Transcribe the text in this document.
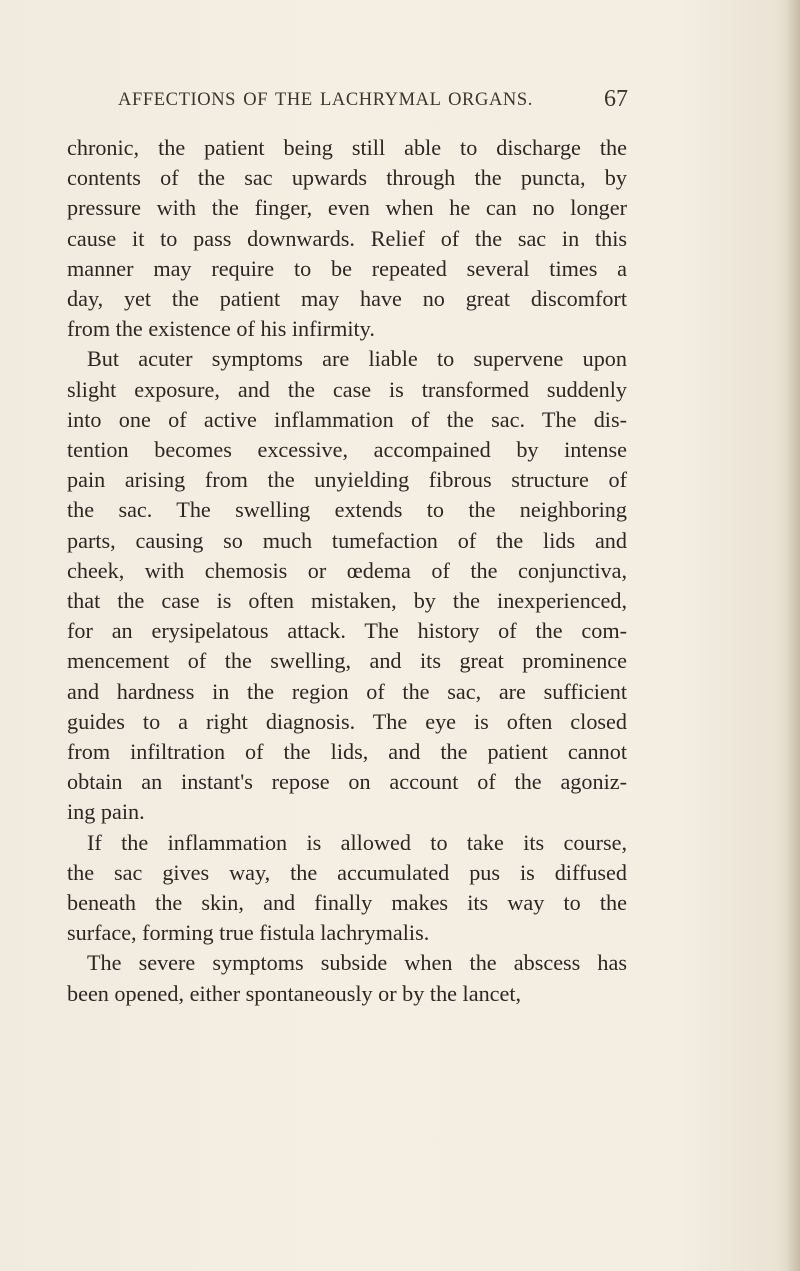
AFFECTIONS OF THE LACHRYMAL ORGANS.	67

chronic, the patient being still able to discharge the
contents of the sac upwards through the puncta, by
pressure with the finger, even when he can no longer
cause it to pass downwards. Relief of the sac in this
manner may require to be repeated several times a
day, yet the patient may have no great discomfort
from the existence of his infirmity.

But acuter symptoms are liable to supervene upon
slight exposure, and the case is transformed suddenly
into one of active inflammation of the sac. The dis-
tention becomes excessive, accompained by intense
pain arising from the unyielding fibrous structure of
the sac. The swelling extends to the neighboring
parts, causing so much tumefaction of the lids and
cheek, with chemosis or œdema of the conjunctiva,
that the case is often mistaken, by the inexperienced,
for an erysipelatous attack. The history of the com-
mencement of the swelling, and its great prominence
and hardness in the region of the sac, are sufficient
guides to a right diagnosis. The eye is often closed
from infiltration of the lids, and the patient cannot
obtain an instant's repose on account of the agoniz-
ing pain.

If the inflammation is allowed to take its course,
the sac gives way, the accumulated pus is diffused
beneath the skin, and finally makes its way to the
surface, forming true fistula lachrymalis.

The severe symptoms subside when the abscess has
been opened, either spontaneously or by the lancet,
